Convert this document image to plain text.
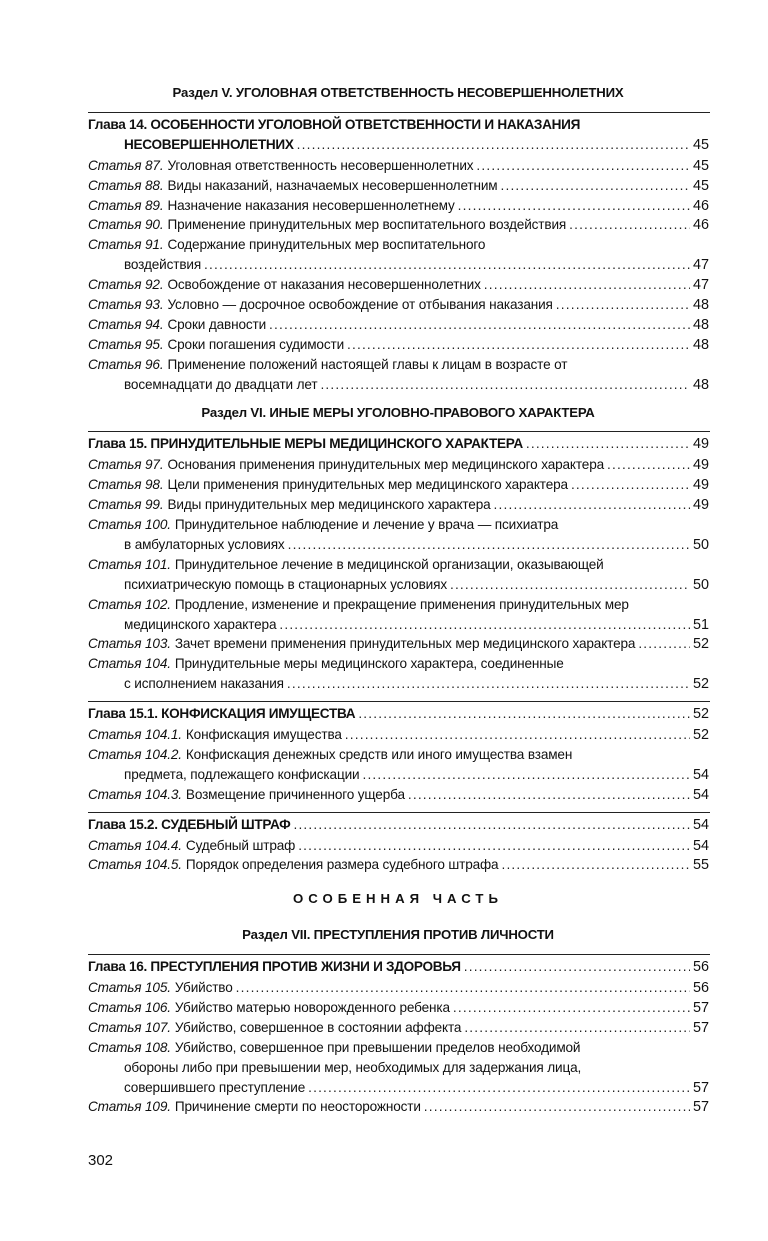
Раздел V. УГОЛОВНАЯ ОТВЕТСТВЕННОСТЬ НЕСОВЕРШЕННОЛЕТНИХ
Глава 14. ОСОБЕННОСТИ УГОЛОВНОЙ ОТВЕТСТВЕННОСТИ И НАКАЗАНИЯ
НЕСОВЕРШЕННОЛЕТНИХ .....	45
Статья 87. Уголовная ответственность несовершеннолетних .....	45
Статья 88. Виды наказаний, назначаемых несовершеннолетним .....	45
Статья 89. Назначение наказания несовершеннолетнему .....	46
Статья 90. Применение принудительных мер воспитательного воздействия .....	46
Статья 91. Содержание принудительных мер воспитательного
воздействия .....	47
Статья 92. Освобождение от наказания несовершеннолетних .....	47
Статья 93. Условно — досрочное освобождение от отбывания наказания .....	48
Статья 94. Сроки давности .....	48
Статья 95. Сроки погашения судимости .....	48
Статья 96. Применение положений настоящей главы к лицам в возрасте от
восемнадцати до двадцати лет .....	48
Раздел VI. ИНЫЕ МЕРЫ УГОЛОВНО-ПРАВОВОГО ХАРАКТЕРА
Глава 15. ПРИНУДИТЕЛЬНЫЕ МЕРЫ МЕДИЦИНСКОГО ХАРАКТЕРА .....	49
Статья 97. Основания применения принудительных мер медицинского характера .....	49
Статья 98. Цели применения принудительных мер медицинского характера .....	49
Статья 99. Виды принудительных мер медицинского характера .....	49
Статья 100. Принудительное наблюдение и лечение у врача — психиатра
в амбулаторных условиях .....	50
Статья 101. Принудительное лечение в медицинской организации, оказывающей
психиатрическую помощь в стационарных условиях .....	50
Статья 102. Продление, изменение и прекращение применения принудительных мер
медицинского характера .....	51
Статья 103. Зачет времени применения принудительных мер медицинского характера .....	52
Статья 104. Принудительные меры медицинского характера, соединенные
с исполнением наказания .....	52
Глава 15.1. КОНФИСКАЦИЯ ИМУЩЕСТВА .....	52
Статья 104.1. Конфискация имущества .....	52
Статья 104.2. Конфискация денежных средств или иного имущества взамен
предмета, подлежащего конфискации .....	54
Статья 104.3. Возмещение причиненного ущерба .....	54
Глава 15.2. СУДЕБНЫЙ ШТРАФ .....	54
Статья 104.4. Судебный штраф .....	54
Статья 104.5. Порядок определения размера судебного штрафа .....	55
ОСОБЕННАЯ ЧАСТЬ
Раздел VII. ПРЕСТУПЛЕНИЯ ПРОТИВ ЛИЧНОСТИ
Глава 16. ПРЕСТУПЛЕНИЯ ПРОТИВ ЖИЗНИ И ЗДОРОВЬЯ .....	56
Статья 105. Убийство .....	56
Статья 106. Убийство матерью новорожденного ребенка .....	57
Статья 107. Убийство, совершенное в состоянии аффекта .....	57
Статья 108. Убийство, совершенное при превышении пределов необходимой
обороны либо при превышении мер, необходимых для задержания лица,
совершившего преступление .....	57
Статья 109. Причинение смерти по неосторожности .....	57
302
